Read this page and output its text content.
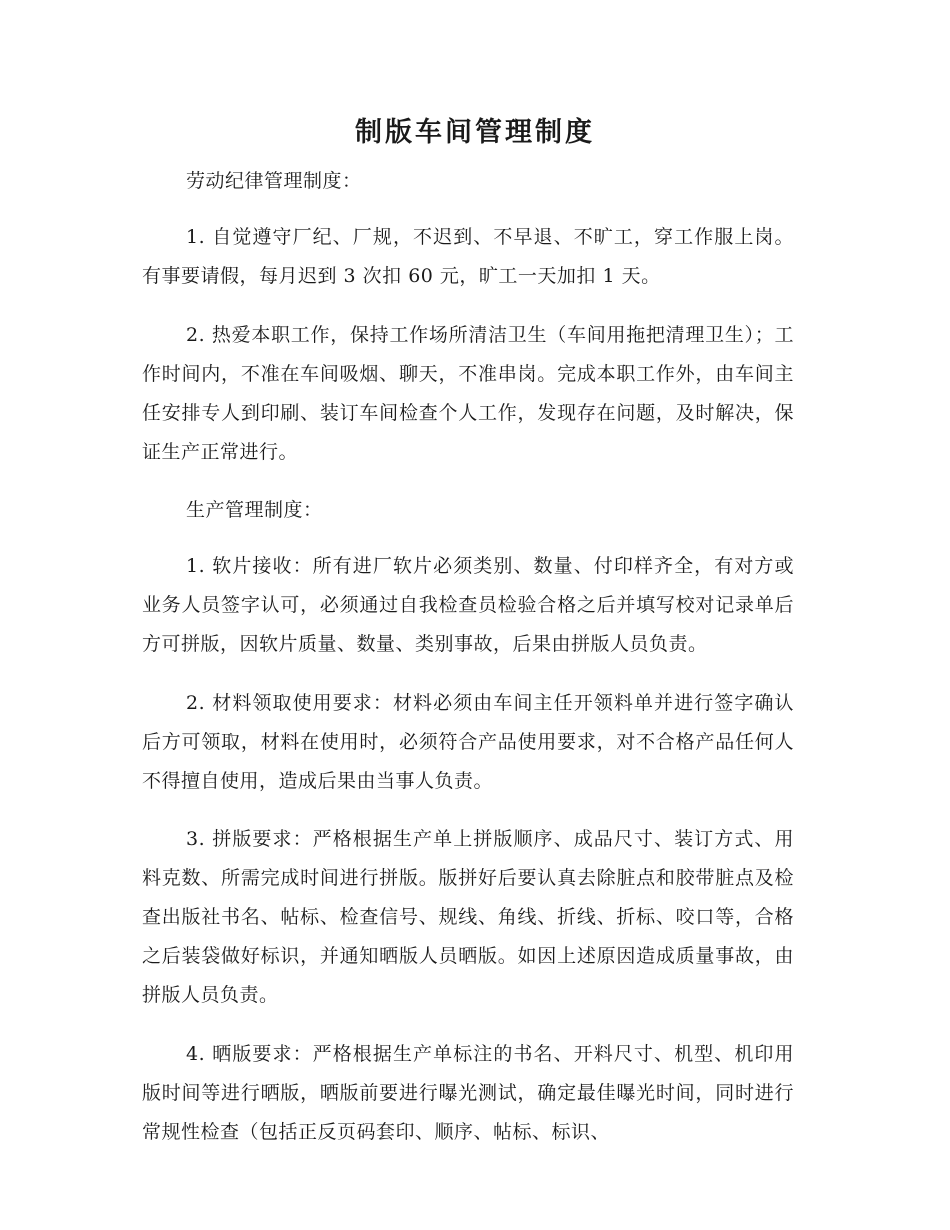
制版车间管理制度

劳动纪律管理制度：

1. 自觉遵守厂纪、厂规，不迟到、不早退、不旷工，穿工作服上岗。有事要请假，每月迟到 3 次扣 60 元，旷工一天加扣 1 天。

2. 热爱本职工作，保持工作场所清洁卫生（车间用拖把清理卫生）；工作时间内，不准在车间吸烟、聊天，不准串岗。完成本职工作外，由车间主任安排专人到印刷、装订车间检查个人工作，发现存在问题，及时解决，保证生产正常进行。

生产管理制度：

1. 软片接收：所有进厂软片必须类别、数量、付印样齐全，有对方或业务人员签字认可，必须通过自我检查员检验合格之后并填写校对记录单后方可拼版，因软片质量、数量、类别事故，后果由拼版人员负责。

2. 材料领取使用要求：材料必须由车间主任开领料单并进行签字确认后方可领取，材料在使用时，必须符合产品使用要求，对不合格产品任何人不得擅自使用，造成后果由当事人负责。

3. 拼版要求：严格根据生产单上拼版顺序、成品尺寸、装订方式、用料克数、所需完成时间进行拼版。版拼好后要认真去除脏点和胶带脏点及检查出版社书名、帖标、检查信号、规线、角线、折线、折标、咬口等，合格之后装袋做好标识，并通知晒版人员晒版。如因上述原因造成质量事故，由拼版人员负责。

4. 晒版要求：严格根据生产单标注的书名、开料尺寸、机型、机印用版时间等进行晒版，晒版前要进行曝光测试，确定最佳曝光时间，同时进行常规性检查（包括正反页码套印、顺序、帖标、标识、
